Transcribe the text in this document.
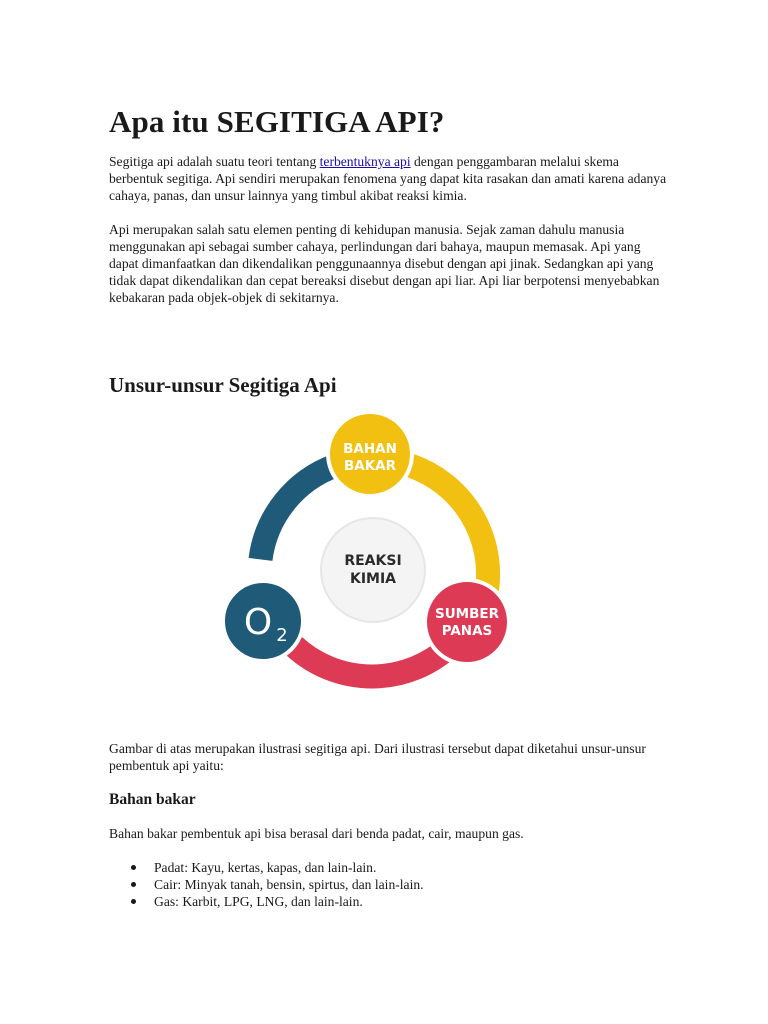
Apa itu SEGITIGA API?

Segitiga api adalah suatu teori tentang terbentuknya api dengan penggambaran melalui skema berbentuk segitiga. Api sendiri merupakan fenomena yang dapat kita rasakan dan amati karena adanya cahaya, panas, dan unsur lainnya yang timbul akibat reaksi kimia.

Api merupakan salah satu elemen penting di kehidupan manusia. Sejak zaman dahulu manusia menggunakan api sebagai sumber cahaya, perlindungan dari bahaya, maupun memasak. Api yang dapat dimanfaatkan dan dikendalikan penggunaannya disebut dengan api jinak. Sedangkan api yang tidak dapat dikendalikan dan cepat bereaksi disebut dengan api liar. Api liar berpotensi menyebabkan kebakaran pada objek-objek di sekitarnya.

Unsur-unsur Segitiga Api
REAKSI
KIMIA
BAHAN
BAKAR
SUMBER
PANAS
O 2

Gambar di atas merupakan ilustrasi segitiga api. Dari ilustrasi tersebut dapat diketahui unsur-unsur pembentuk api yaitu:

Bahan bakar

Bahan bakar pembentuk api bisa berasal dari benda padat, cair, maupun gas.

Padat: Kayu, kertas, kapas, dan lain-lain.
Cair: Minyak tanah, bensin, spirtus, dan lain-lain.
Gas: Karbit, LPG, LNG, dan lain-lain.
